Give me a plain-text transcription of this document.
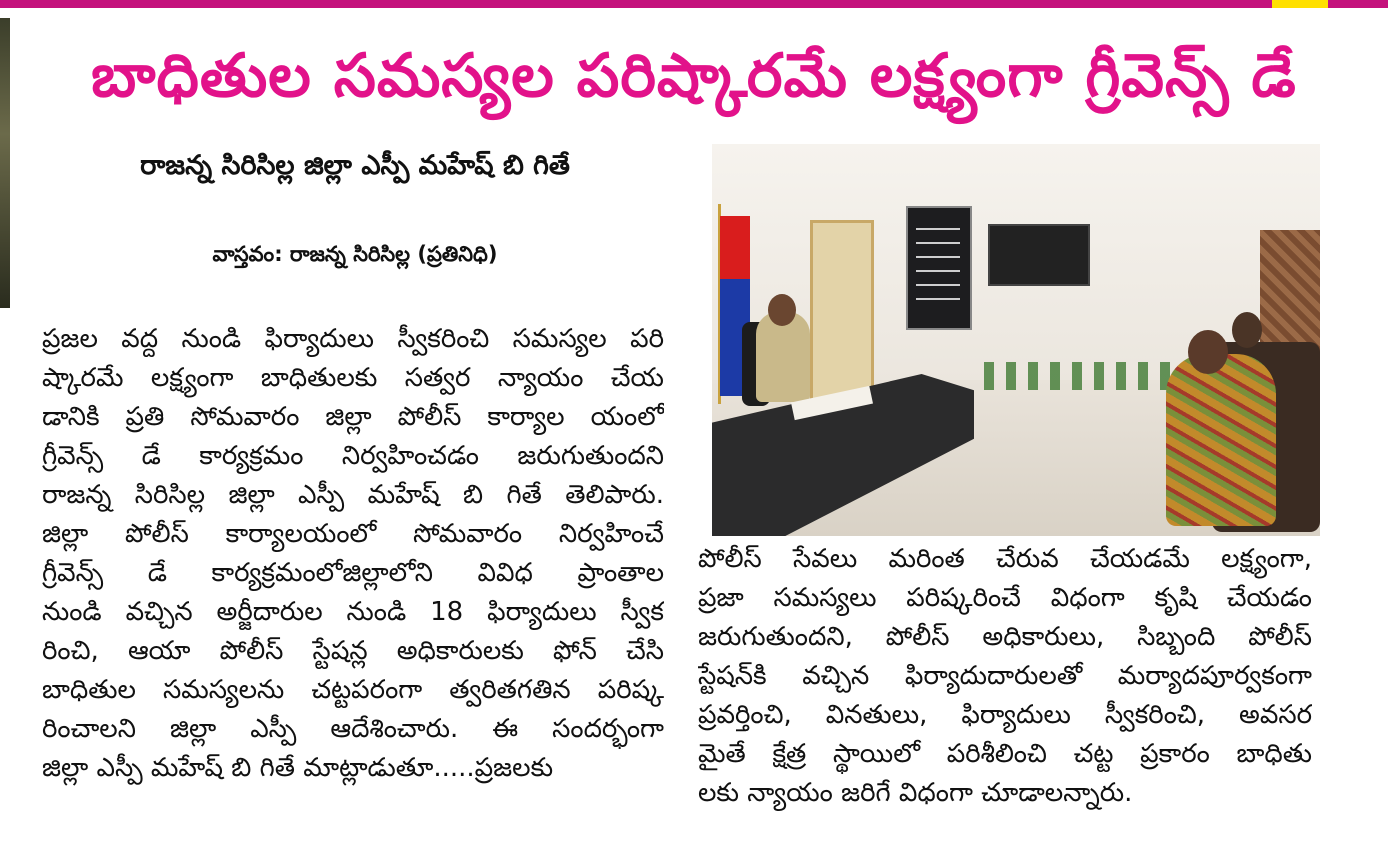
బాధితుల సమస్యల పరిష్కారమే లక్ష్యంగా గ్రీవెన్స్ డే
రాజన్న సిరిసిల్ల జిల్లా ఎస్పీ మహేష్ బి గితే
వాస్తవం: రాజన్న సిరిసిల్ల (ప్రతినిధి)
ప్రజల వద్ద నుండి ఫిర్యాదులు స్వీకరించి సమస్యల పరి
ష్కారమే లక్ష్యంగా బాధితులకు సత్వర న్యాయం చేయ
డానికి ప్రతి సోమవారం జిల్లా పోలీస్ కార్యాల యంలో
గ్రీవెన్స్ డే కార్యక్రమం నిర్వహించడం జరుగుతుందని
రాజన్న సిరిసిల్ల జిల్లా ఎస్పీ మహేష్ బి గితే తెలిపారు.
జిల్లా పోలీస్ కార్యాలయంలో సోమవారం నిర్వహించే
గ్రీవెన్స్ డే కార్యక్రమంలోజిల్లాలోని వివిధ ప్రాంతాల
నుండి వచ్చిన అర్జీదారుల నుండి 18 ఫిర్యాదులు స్వీక
రించి, ఆయా పోలీస్ స్టేషన్ల అధికారులకు ఫోన్ చేసి
బాధితుల సమస్యలను చట్టపరంగా త్వరితగతిన పరిష్క
రించాలని జిల్లా ఎస్పీ ఆదేశించారు. ఈ సందర్భంగా
జిల్లా ఎస్పీ మహేష్ బి గితే మాట్లాడుతూ.....ప్రజలకు
పోలీస్ సేవలు మరింత చేరువ చేయడమే లక్ష్యంగా,
ప్రజా సమస్యలు పరిష్కరించే విధంగా కృషి చేయడం
జరుగుతుందని, పోలీస్ అధికారులు, సిబ్బంది పోలీస్
స్టేషన్‌కి వచ్చిన ఫిర్యాదుదారులతో మర్యాదపూర్వకంగా
ప్రవర్తించి, వినతులు, ఫిర్యాదులు స్వీకరించి, అవసర
మైతే క్షేత్ర స్థాయిలో పరిశీలించి చట్ట ప్రకారం బాధితు
లకు న్యాయం జరిగే విధంగా చూడాలన్నారు.
